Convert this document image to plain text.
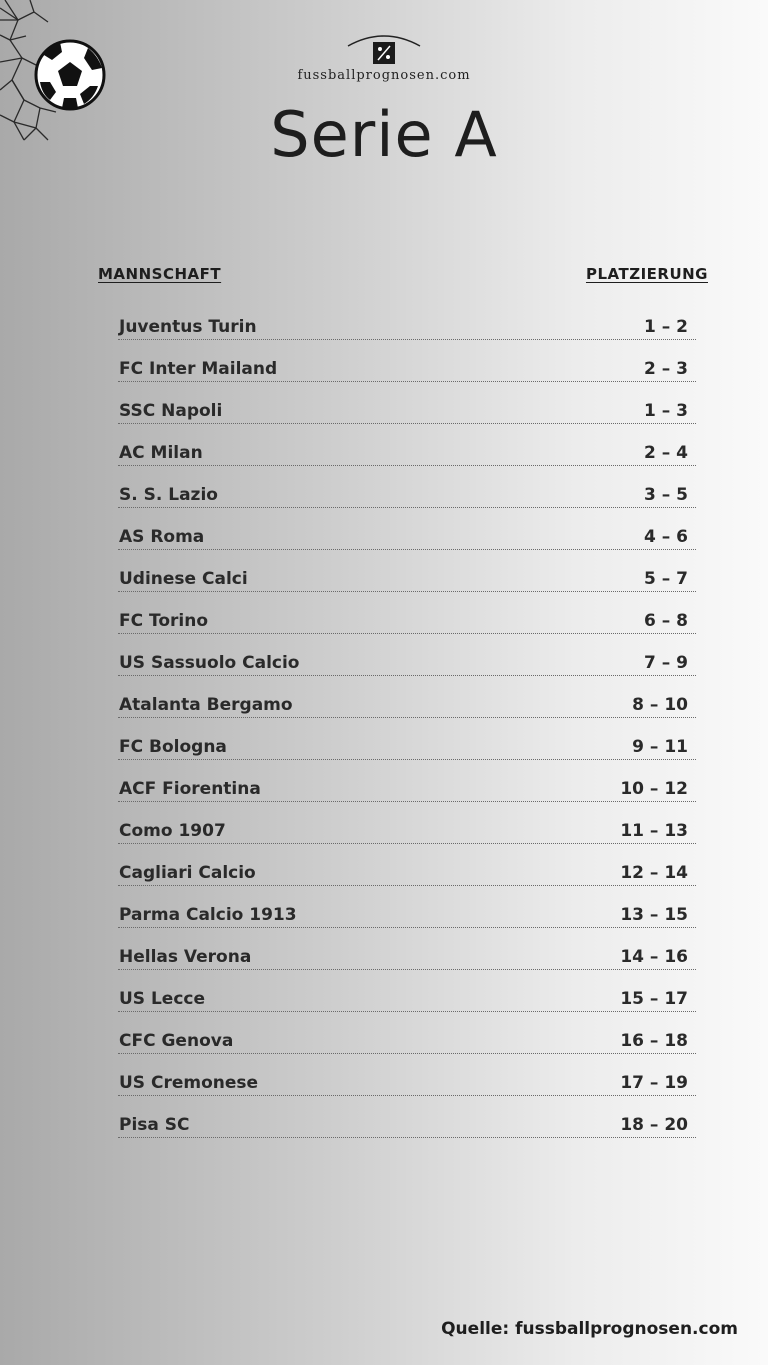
fussballprognosen.com
Serie A
MANNSCHAFT	PLATZIERUNG
Juventus Turin	1 – 2
FC Inter Mailand	2 – 3
SSC Napoli	1 – 3
AC Milan	2 – 4
S. S. Lazio	3 – 5
AS Roma	4 – 6
Udinese Calci	5 – 7
FC Torino	6 – 8
US Sassuolo Calcio	7 – 9
Atalanta Bergamo	8 – 10
FC Bologna	9 – 11
ACF Fiorentina	10 – 12
Como 1907	11 – 13
Cagliari Calcio	12 – 14
Parma Calcio 1913	13 – 15
Hellas Verona	14 – 16
US Lecce	15 – 17
CFC Genova	16 – 18
US Cremonese	17 – 19
Pisa SC	18 – 20
Quelle: fussballprognosen.com
